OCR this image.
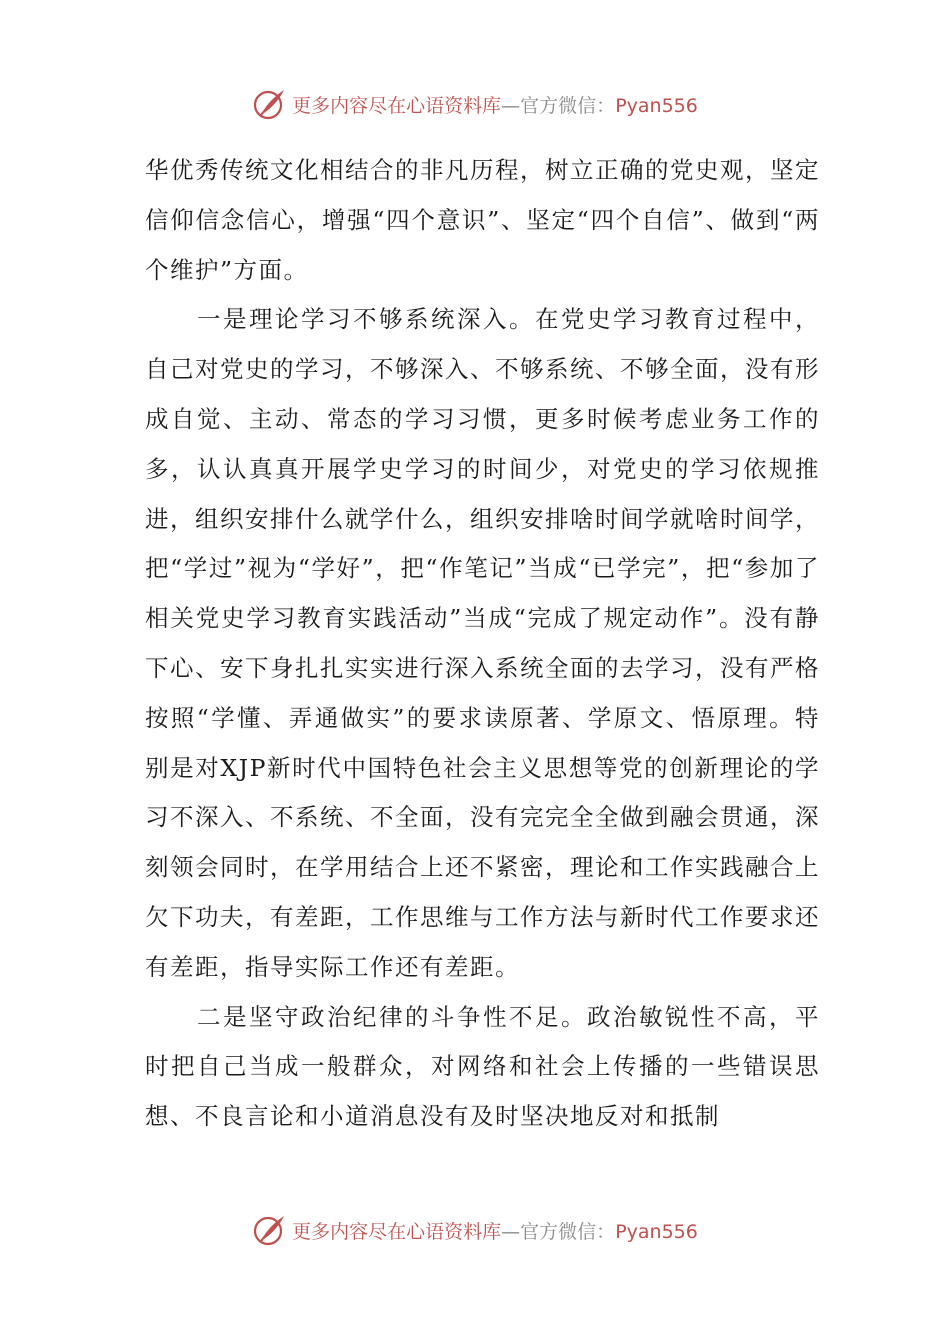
更多内容尽在心语资料库—官方微信：Pyan556

华优秀传统文化相结合的非凡历程，树立正确的党史观，坚定信仰信念信心，增强“四个意识”、坚定“四个自信”、做到“两个维护”方面。

一是理论学习不够系统深入。在党史学习教育过程中，自己对党史的学习，不够深入、不够系统、不够全面，没有形成自觉、主动、常态的学习习惯，更多时候考虑业务工作的多，认认真真开展学史学习的时间少，对党史的学习依规推进，组织安排什么就学什么，组织安排啥时间学就啥时间学，把“学过”视为“学好”，把“作笔记”当成“已学完”，把“参加了相关党史学习教育实践活动”当成“完成了规定动作”。没有静下心、安下身扎扎实实进行深入系统全面的去学习，没有严格按照“学懂、弄通做实”的要求读原著、学原文、悟原理。特别是对XJP新时代中国特色社会主义思想等党的创新理论的学习不深入、不系统、不全面，没有完完全全做到融会贯通，深刻领会同时，在学用结合上还不紧密，理论和工作实践融合上欠下功夫，有差距，工作思维与工作方法与新时代工作要求还有差距，指导实际工作还有差距。

二是坚守政治纪律的斗争性不足。政治敏锐性不高，平时把自己当成一般群众，对网络和社会上传播的一些错误思想、不良言论和小道消息没有及时坚决地反对和抵制

更多内容尽在心语资料库—官方微信：Pyan556
